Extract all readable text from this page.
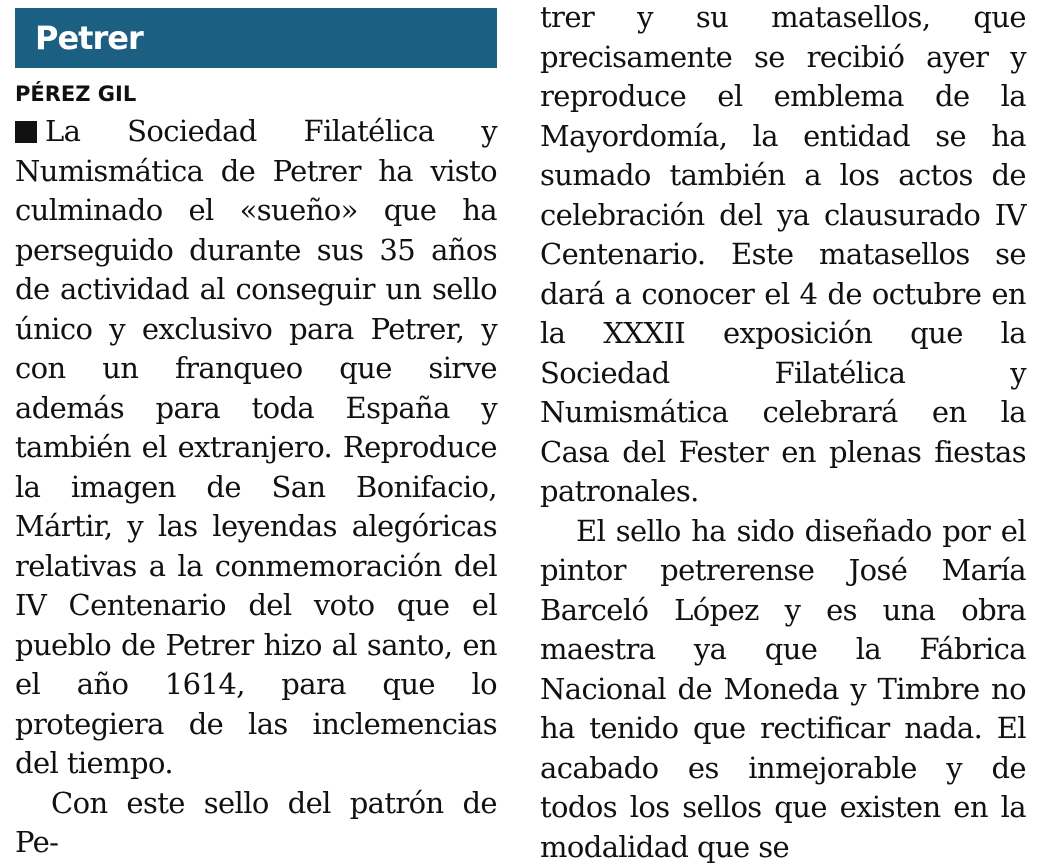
Petrer
PÉREZ GIL

La Sociedad Filatélica y Numismática de Petrer ha visto culminado el «sueño» que ha perseguido durante sus 35 años de actividad al conseguir un sello único y exclusivo para Petrer, y con un franqueo que sirve además para toda España y también el extranjero. Reproduce la imagen de San Bonifacio, Mártir, y las leyendas alegóricas relativas a la conmemoración del IV Centenario del voto que el pueblo de Petrer hizo al santo, en el año 1614, para que lo protegiera de las inclemencias del tiempo.

Con este sello del patrón de Pe-

trer y su matasellos, que precisamente se recibió ayer y reproduce el emblema de la Mayordomía, la entidad se ha sumado también a los actos de celebración del ya clausurado IV Centenario. Este matasellos se dará a conocer el 4 de octubre en la XXXII exposición que la Sociedad Filatélica y Numismática celebrará en la Casa del Fester en plenas fiestas patronales.

El sello ha sido diseñado por el pintor petrerense José María Barceló López y es una obra maestra ya que la Fábrica Nacional de Moneda y Timbre no ha tenido que rectificar nada. El acabado es inmejorable y de todos los sellos que existen en la modalidad que se
